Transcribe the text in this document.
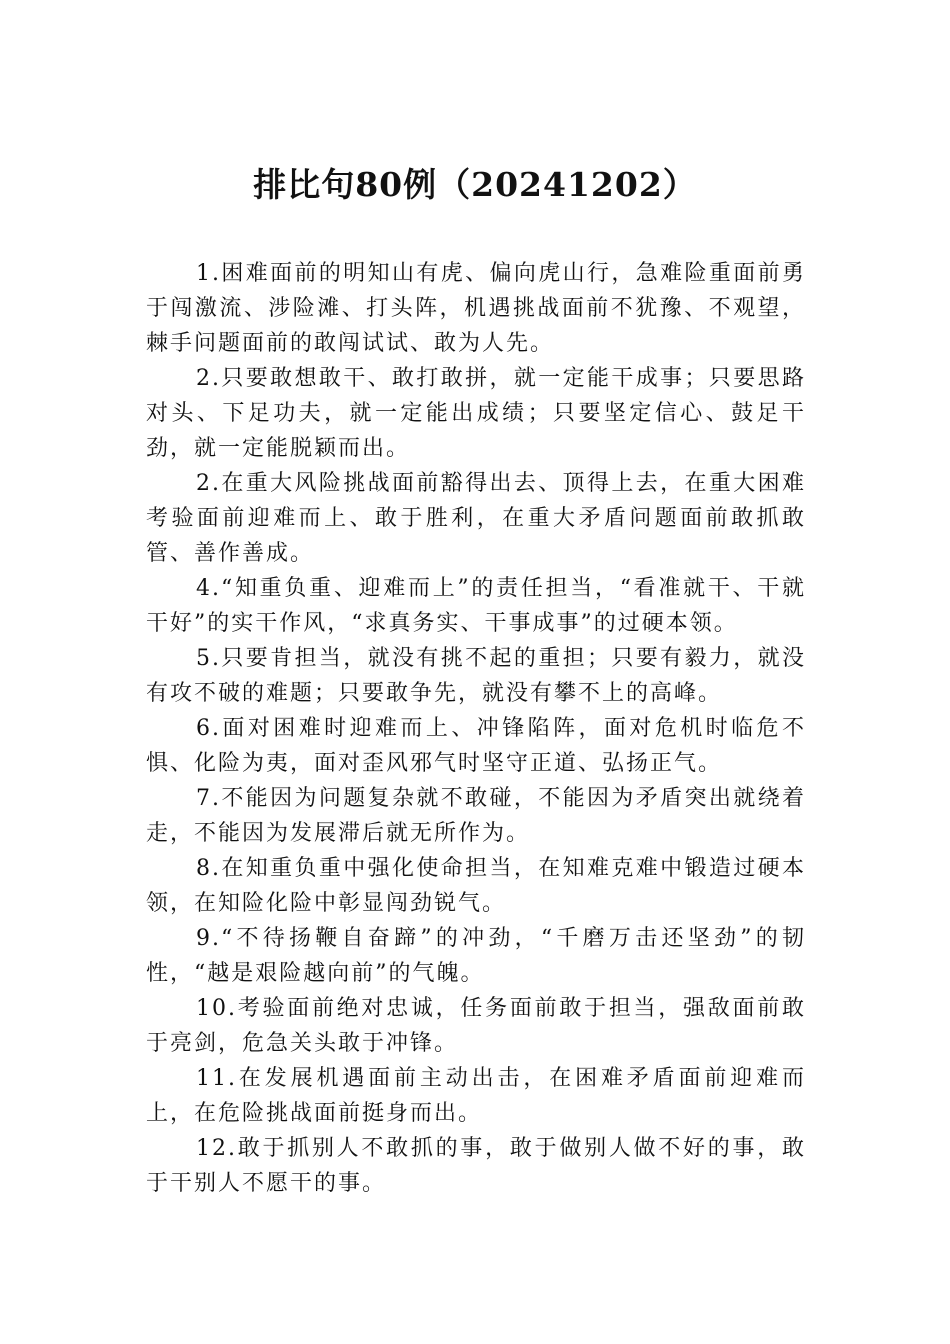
排比句80例（20241202）

1.困难面前的明知山有虎、偏向虎山行，急难险重面前勇于闯激流、涉险滩、打头阵，机遇挑战面前不犹豫、不观望，棘手问题面前的敢闯试试、敢为人先。

2.只要敢想敢干、敢打敢拼，就一定能干成事；只要思路对头、下足功夫，就一定能出成绩；只要坚定信心、鼓足干劲，就一定能脱颖而出。

2.在重大风险挑战面前豁得出去、顶得上去，在重大困难考验面前迎难而上、敢于胜利，在重大矛盾问题面前敢抓敢管、善作善成。

4.“知重负重、迎难而上”的责任担当，“看准就干、干就干好”的实干作风，“求真务实、干事成事”的过硬本领。

5.只要肯担当，就没有挑不起的重担；只要有毅力，就没有攻不破的难题；只要敢争先，就没有攀不上的高峰。

6.面对困难时迎难而上、冲锋陷阵，面对危机时临危不惧、化险为夷，面对歪风邪气时坚守正道、弘扬正气。

7.不能因为问题复杂就不敢碰，不能因为矛盾突出就绕着走，不能因为发展滞后就无所作为。

8.在知重负重中强化使命担当，在知难克难中锻造过硬本领，在知险化险中彰显闯劲锐气。

9.“不待扬鞭自奋蹄”的冲劲，“千磨万击还坚劲”的韧性，“越是艰险越向前”的气魄。

10.考验面前绝对忠诚，任务面前敢于担当，强敌面前敢于亮剑，危急关头敢于冲锋。

11.在发展机遇面前主动出击，在困难矛盾面前迎难而上，在危险挑战面前挺身而出。

12.敢于抓别人不敢抓的事，敢于做别人做不好的事，敢于干别人不愿干的事。
